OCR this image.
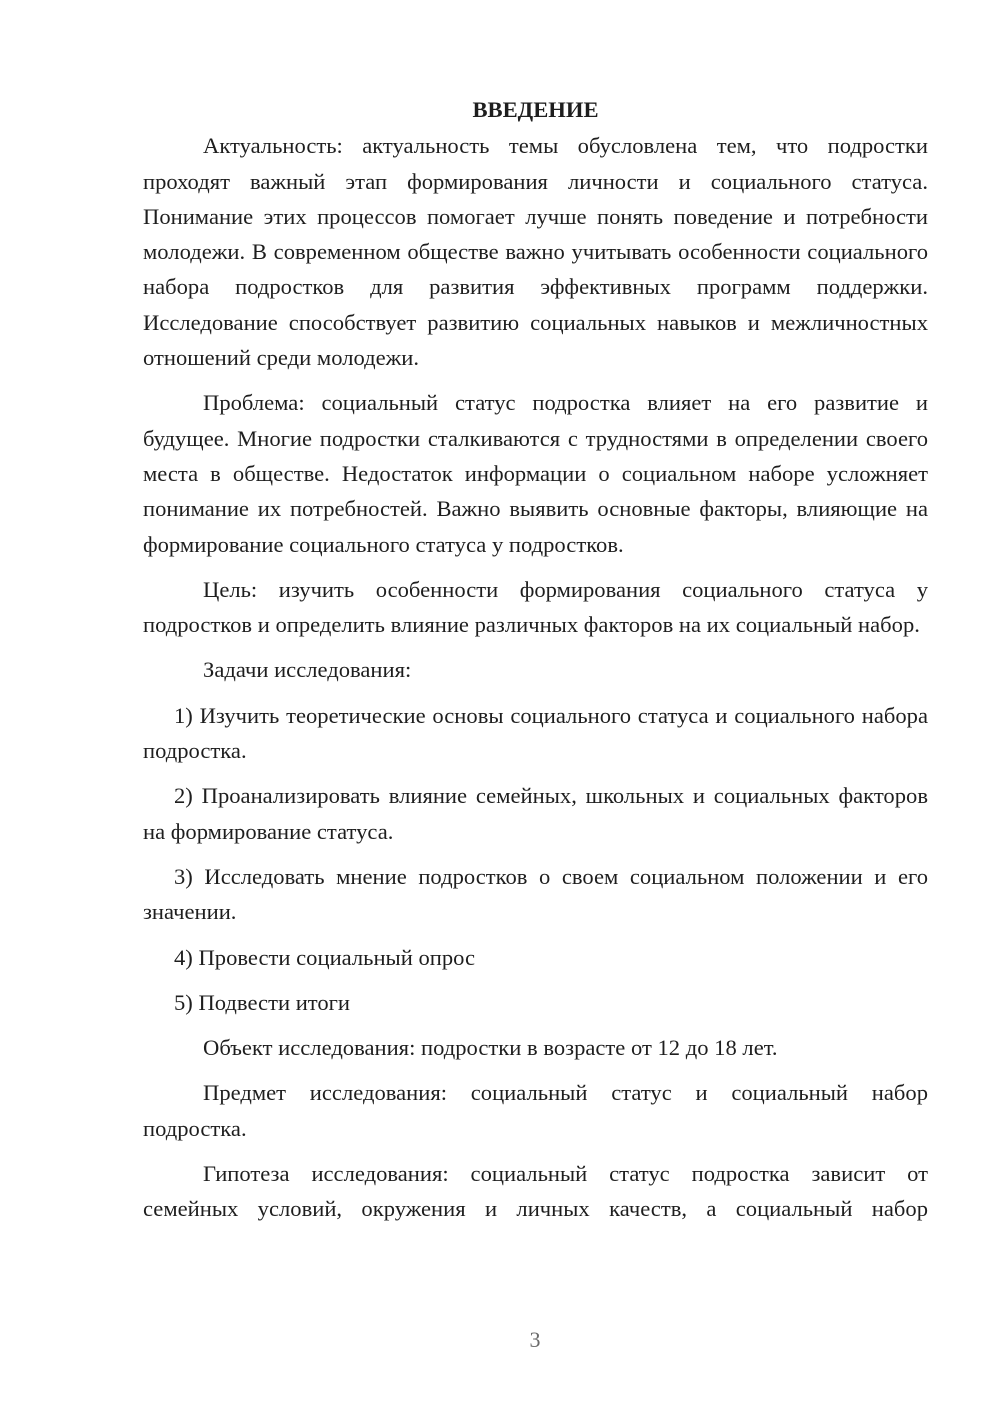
ВВЕДЕНИЕ

Актуальность: актуальность темы обусловлена тем, что подростки проходят важный этап формирования личности и социального статуса. Понимание этих процессов помогает лучше понять поведение и потребности молодежи. В современном обществе важно учитывать особенности социального набора подростков для развития эффективных программ поддержки. Исследование способствует развитию социальных навыков и межличностных отношений среди молодежи.

Проблема: социальный статус подростка влияет на его развитие и будущее. Многие подростки сталкиваются с трудностями в определении своего места в обществе. Недостаток информации о социальном наборе усложняет понимание их потребностей. Важно выявить основные факторы, влияющие на формирование социального статуса у подростков.

Цель: изучить особенности формирования социального статуса у подростков и определить влияние различных факторов на их социальный набор.

Задачи исследования:

1) Изучить теоретические основы социального статуса и социального набора подростка.

2) Проанализировать влияние семейных, школьных и социальных факторов на формирование статуса.

3) Исследовать мнение подростков о своем социальном положении и его значении.

4) Провести социальный опрос

5) Подвести итоги

Объект исследования: подростки в возрасте от 12 до 18 лет.

Предмет исследования: социальный статус и социальный набор подростка.

Гипотеза исследования: социальный статус подростка зависит от семейных условий, окружения и личных качеств, а социальный набор

3
